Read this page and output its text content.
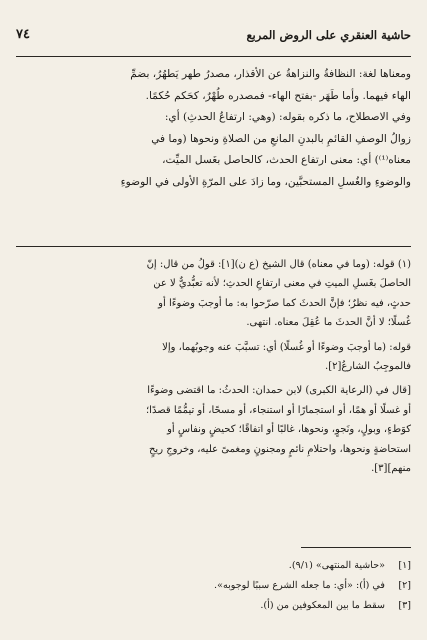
حاشية العنقري على الروض المربع
٧٤

ومعناها لغة: النظافةُ والنزاهةُ عن الأقذار، مصدرُ طهر يَطهُرُ، بضمِّ

الهاء فيهما. وأما طَهَر -بفتح الهاء- فمصدره طُهْرٌ، كحَكم حُكمًا.

وفي الاصطلاح، ما ذكره بقوله: (وهي: ارتفاعُ الحدثِ) أي:

زوالُ الوصفِ القائمِ بالبدنِ المانعِ من الصلاةِ ونحوها (وما في

معناه⁽¹⁾) أي: معنى ارتفاع الحدث، كالحاصل بغَسل الميِّت،

والوضوءِ والغُسلِ المستحبَّين، وما زادَ على المرّةِ الأولى في الوضوءِ

(١) قوله: (وما في معناه) قال الشيخ (ع ن)[١]: قولُ من قال: إنّ

الحاصلَ بغَسلِ الميتِ في معنى ارتفاعِ الحدثِ؛ لأنه تعبُّديٌّ لا عن

حدثٍ، فيه نظرٌ؛ فإنَّ الحدثَ كما صرّحوا به: ما أوجبَ وضوءًا أو

غُسلًا؛ لا أنَّ الحدثَ ما عُقِلَ معناه. انتهى.

قوله: (ما أوجبَ وضوءًا أو غُسلًا) أي: تسبَّبَ عنه وجوبُهما، وإلا

فالموجِبُ الشارعُ[٢].

[قال في (الرعاية الكبرى) لابن حمدان: الحدثُ: ما اقتضى وضوءًا

أو غسلًا أو همًا، أو استجمارًا أو استنجاء، أو مسحًا، أو تيمُّمًا قصدًا؛

كوَطءٍ، وبولٍ، ونَجوٍ، ونحوها، غالبًا أو اتفاقًا؛ كحيضٍ ونفاسٍ أو

استحاضةٍ ونحوها، واحتلامِ نائمٍ ومجنونٍ ومغمىً عليه، وخروجِ ريحٍ

منهم][٣].

[١]«حاشية المنتهى» (٩/١).

[٢]في (أ): «أي: ما جعله الشرع سببًا لوجوبه».

[٣]سقط ما بين المعكوفين من (أ).
